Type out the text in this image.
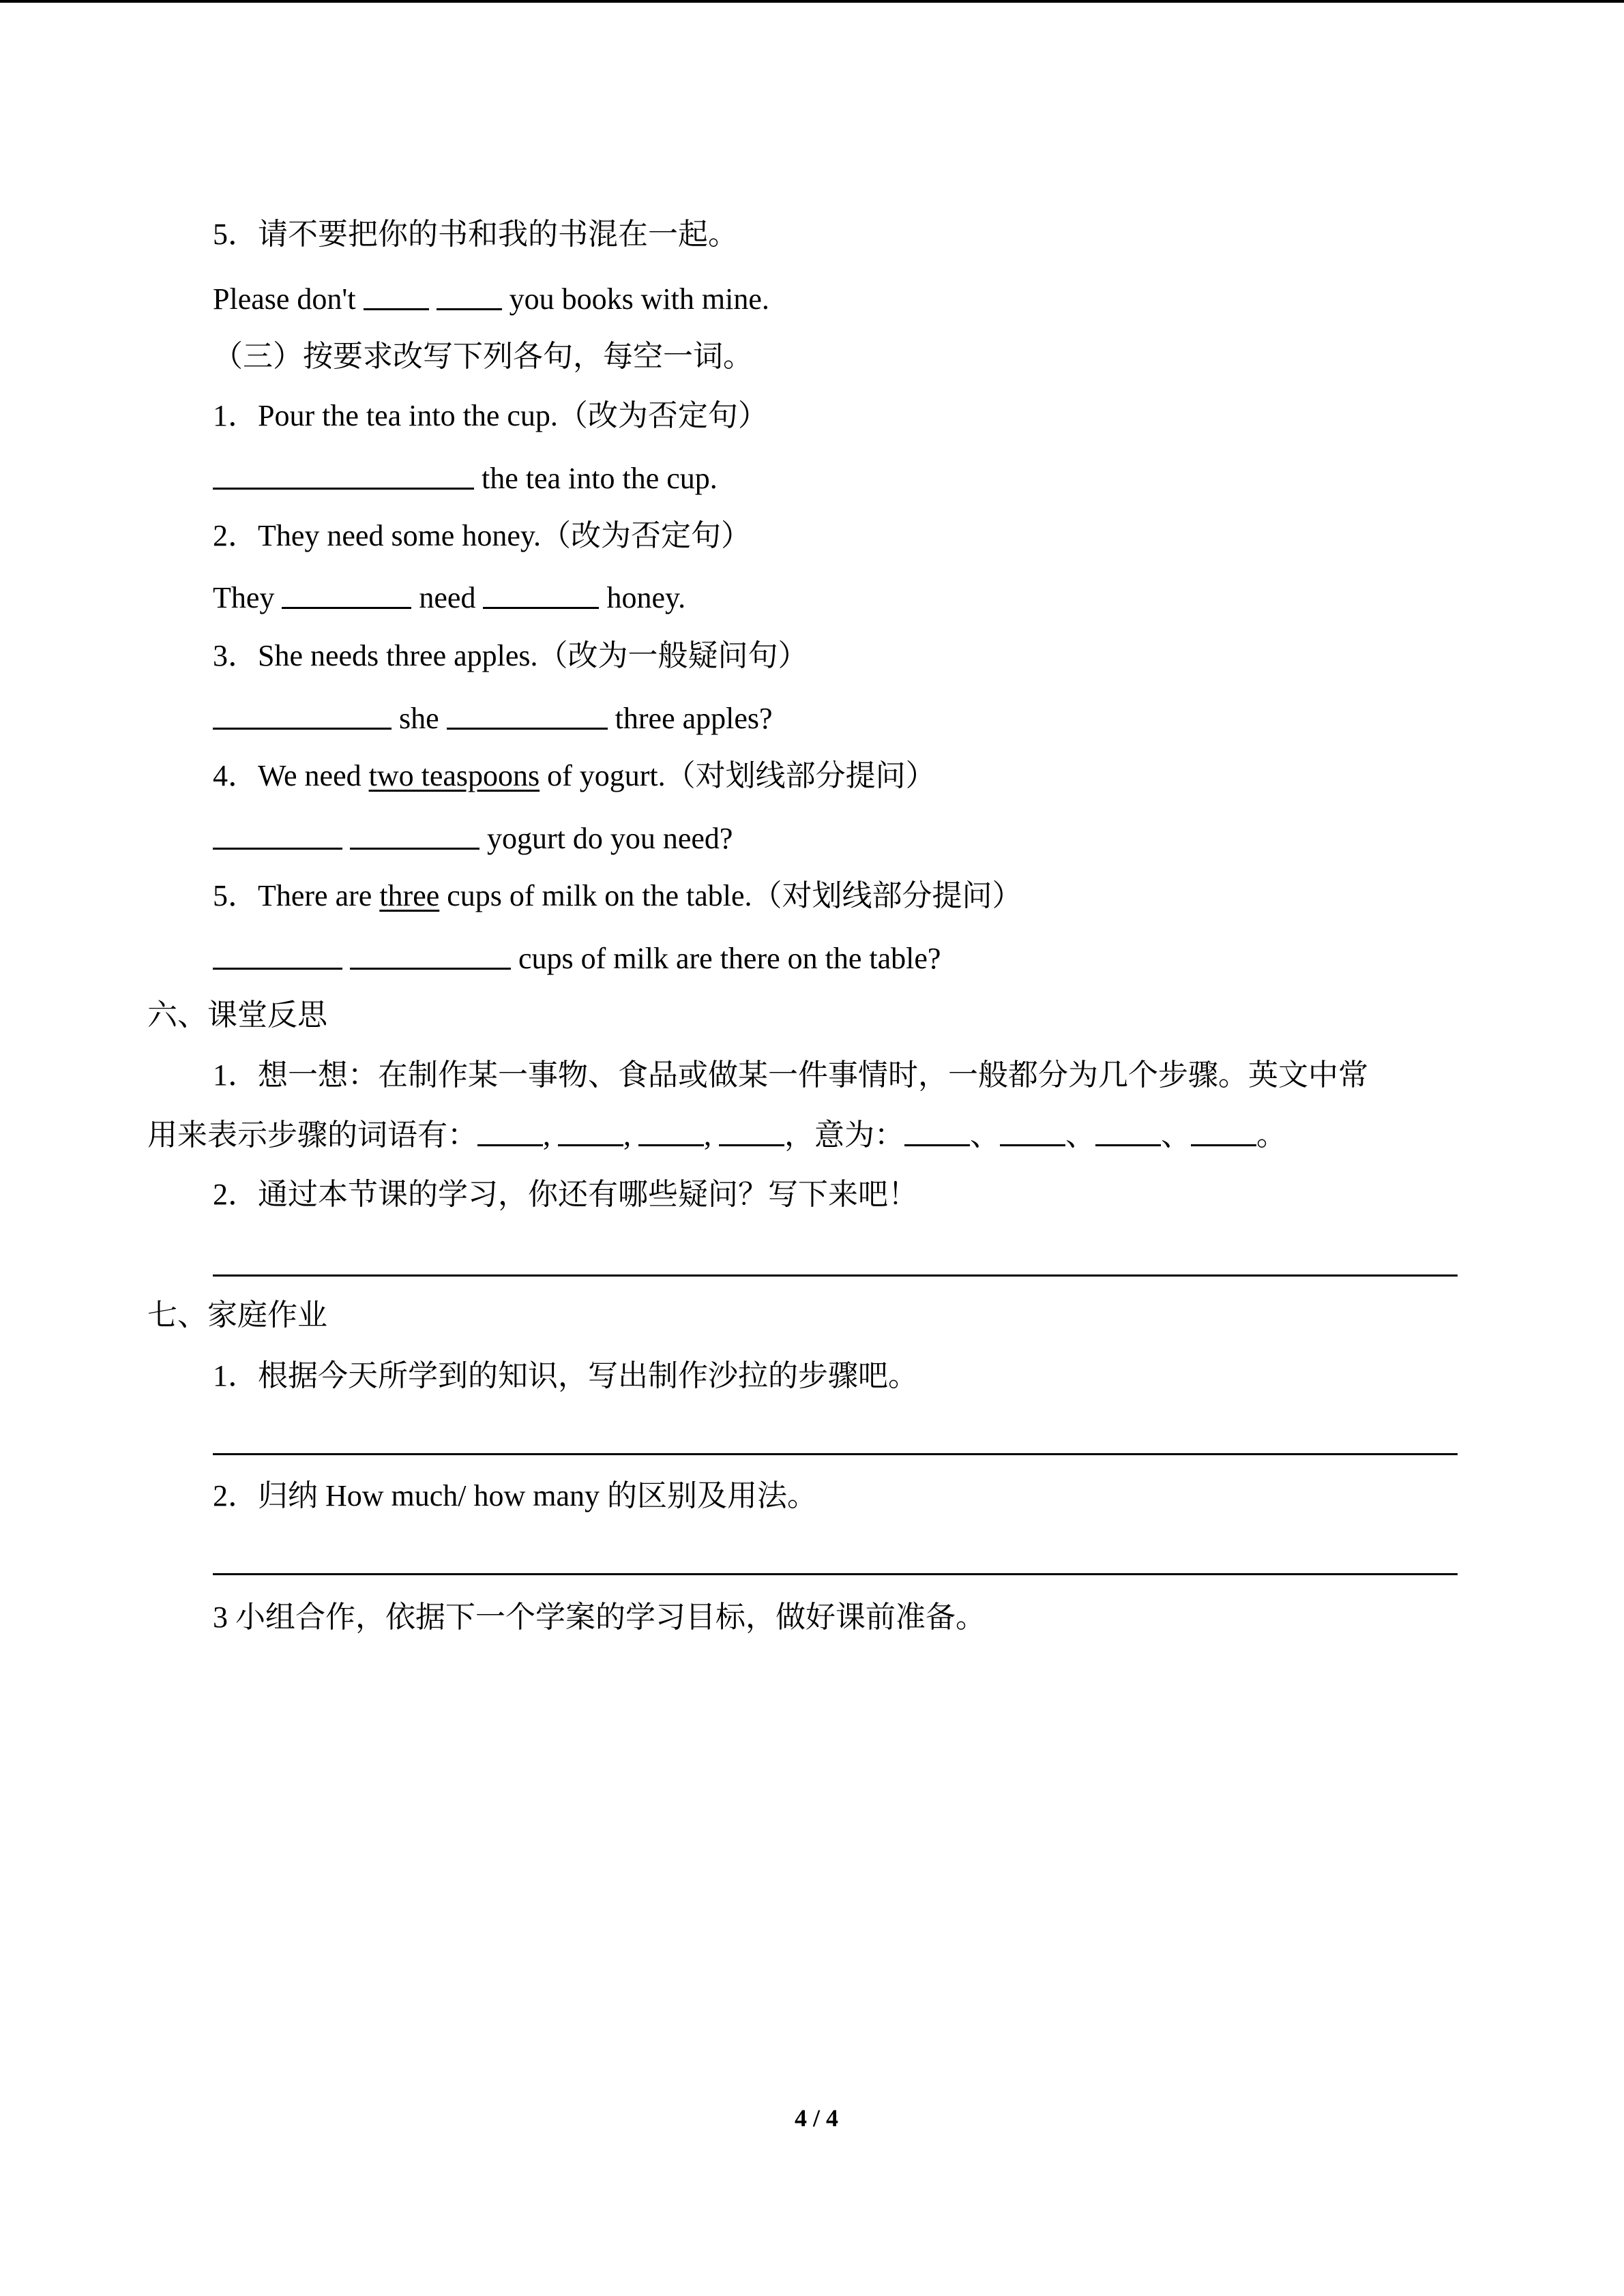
5．请不要把你的书和我的书混在一起。
Please don't	you books with mine.
（三）按要求改写下列各句，每空一词。
1．Pour the tea into the cup.（改为否定句）
the tea into the cup.
2．They need some honey.（改为否定句）
They	need	honey.
3．She needs three apples.（改为一般疑问句）
she	three apples?
4．We need two teaspoons of yogurt.（对划线部分提问）
yogurt do you need?
5．There are three cups of milk on the table.（对划线部分提问）
cups of milk are there on the table?
六、课堂反思
1．想一想：在制作某一事物、食品或做某一件事情时，一般都分为几个步骤。英文中常
用来表示步骤的词语有： , , , ，意为： 、 、 、 。
2．通过本节课的学习，你还有哪些疑问？写下来吧！
七、家庭作业
1．根据今天所学到的知识，写出制作沙拉的步骤吧。
2．归纳 How much/ how many 的区别及用法。
3 小组合作，依据下一个学案的学习目标，做好课前准备。
4 / 4
